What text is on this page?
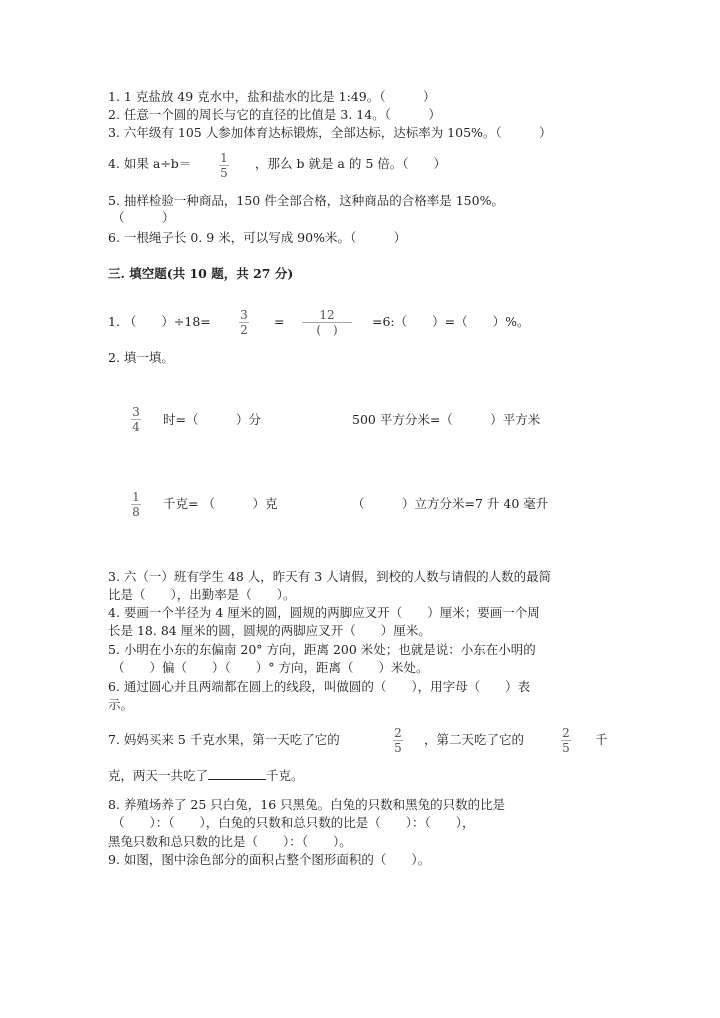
1. 1 克盐放 49 克水中，盐和盐水的比是 1:49。（　　　）
2. 任意一个圆的周长与它的直径的比值是 3. 14。（　　　）
3. 六年级有 105 人参加体育达标锻炼，全部达标，达标率为 105%。（　　　）
4. 如果 a÷b＝ 1
5
，那么 b 就是 a 的 5 倍。（　　）
5. 抽样检验一种商品，150 件全部合格，这种商品的合格率是 150%。
（　　　）
6. 一根绳子长 0. 9 米，可以写成 90%米。（　　　）
三. 填空题(共 10 题，共 27 分)
1. （　　）÷18= 3
2
=	12
(　)
=6:（　　）=（　　）%。
2. 填一填。
3
4 时=（　　　）分	500 平方分米=（　　　）平方米
1
8
千克= （　　　）克	（　　　）立方分米=7 升 40 毫升
3. 六（一）班有学生 48 人，昨天有 3 人请假，到校的人数与请假的人数的最简
比是（　　），出勤率是（　　）。
4. 要画一个半径为 4 厘米的圆，圆规的两脚应叉开（　　）厘米；要画一个周
长是 18. 84 厘米的圆，圆规的两脚应叉开（　　）厘米。
5. 小明在小东的东偏南 20° 方向，距离 200 米处；也就是说：小东在小明的
（　　）偏（　　）（　　）° 方向，距离（　　）米处。
6. 通过圆心并且两端都在圆上的线段，叫做圆的（　　），用字母（　　）表
示。
7. 妈妈买来 5 千克水果，第一天吃了它的	2
5
，第二天吃了它的	2
5
千
克，两天一共吃了	千克。
8. 养殖场养了 25 只白兔，16 只黑兔。白兔的只数和黑兔的只数的比是
（　　）：（　　），白兔的只数和总只数的比是（　　）：（　　），
黑兔只数和总只数的比是（　　）：（　　）。
9. 如图，图中涂色部分的面积占整个图形面积的（　　）。
